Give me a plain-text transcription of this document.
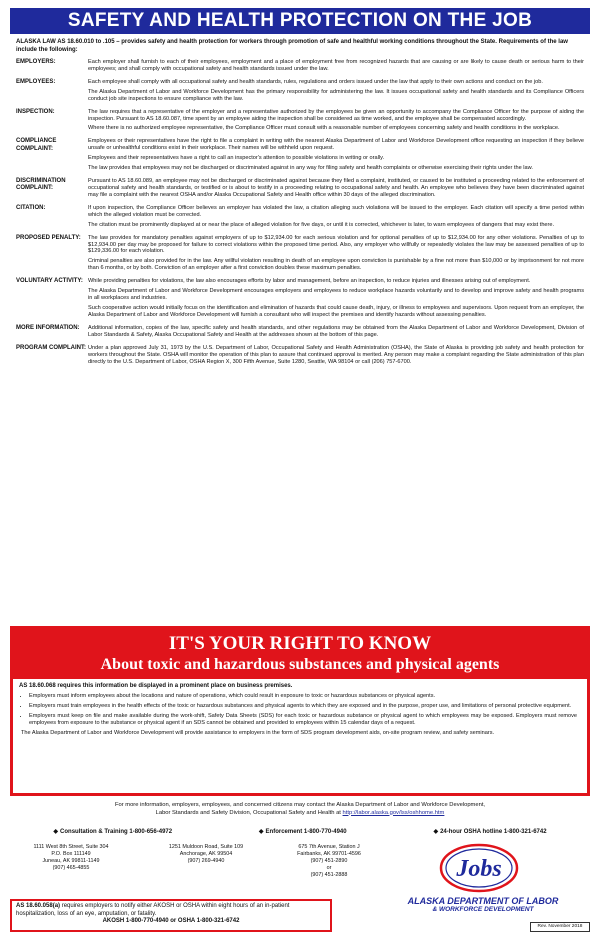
SAFETY AND HEALTH PROTECTION ON THE JOB

ALASKA LAW AS 18.60.010 to .105 – provides safety and health protection for workers through promotion of safe and healthful working conditions throughout the State. Requirements of the law include the following:

EMPLOYERS:	Each employer shall furnish to each of their employees, employment and a place of employment free from recognized hazards that are causing or are likely to cause death or serious harm to their employees; and shall comply with occupational safety and health standards issued under the law.

EMPLOYEES:	Each employee shall comply with all occupational safety and health standards, rules, regulations and orders issued under the law that apply to their own actions and conduct on the job.

The Alaska Department of Labor and Workforce Development has the primary responsibility for administering the law. It issues occupational safety and health standards and its Compliance Officers conduct job site inspections to ensure compliance with the law.

INSPECTION:	The law requires that a representative of the employer and a representative authorized by the employees be given an opportunity to accompany the Compliance Officer for the purpose of aiding the inspection. Pursuant to AS 18.60.087, time spent by an employee aiding the inspection shall be considered as time worked, and the employee shall be compensated accordingly.

Where there is no authorized employee representative, the Compliance Officer must consult with a reasonable number of employees concerning safety and health conditions in the workplace.

COMPLIANCE COMPLAINT:

Employees or their representatives have the right to file a complaint in writing with the nearest Alaska Department of Labor and Workforce Development office requesting an inspection if they believe unsafe or unhealthful conditions exist in their workplace. Their names will be withheld upon request.

Employees and their representatives have a right to call an inspector's attention to possible violations in writing or orally.

The law provides that employees may not be discharged or discriminated against in any way for filing safety and health complaints or otherwise exercising their rights under the law.

DISCRIMINATION COMPLAINT:

Pursuant to AS 18.60.089, an employee may not be discharged or discriminated against because they filed a complaint, instituted, or caused to be instituted a proceeding related to the enforcement of occupational safety and health standards, or testified or is about to testify in a proceeding relating to occupational safety and health. An employee who believes they have been discriminated against may file a complaint with the nearest OSHA and/or Alaska Occupational Safety and Health office within 30 days of the alleged discrimination.

CITATION:	If upon inspection, the Compliance Officer believes an employer has violated the law, a citation alleging such violations will be issued to the employer. Each citation will specify a time period within which the alleged violation must be corrected.

The citation must be prominently displayed at or near the place of alleged violation for five days, or until it is corrected, whichever is later, to warn employees of dangers that may exist there.

PROPOSED PENALTY:	The law provides for mandatory penalties against employers of up to $12,934.00 for each serious violation and for optional penalties of up to $12,934.00 for any other violations. Penalties of up to $12,934.00 per day may be proposed for failure to correct violations within the proposed time period. Also, any employer who willfully or repeatedly violates the law may be assessed penalties of up to $129,336.00 for each violation.

Criminal penalties are also provided for in the law. Any willful violation resulting in death of an employee upon conviction is punishable by a fine not more than $10,000 or by imprisonment for not more than 6 months, or by both. Conviction of an employer after a first conviction doubles these maximum penalties.

VOLUNTARY ACTIVITY: While providing penalties for violations, the law also encourages efforts by labor and management, before an inspection, to reduce injuries and illnesses arising out of employment.

The Alaska Department of Labor and Workforce Development encourages employers and employees to reduce workplace hazards voluntarily and to develop and improve safety and health programs in all workplaces and industries.

Such cooperative action would initially focus on the identification and elimination of hazards that could cause death, injury, or illness to employees and supervisors. Upon request from an employer, the Alaska Department of Labor and Workforce Development will furnish a consultant who will inspect the premises and identify hazards without assessing penalties.

MORE INFORMATION:	Additional information, copies of the law, specific safety and health standards, and other regulations may be obtained from the Alaska Department of Labor and Workforce Development, Division of Labor Standards & Safety, Alaska Occupational Safety and Health at the addresses shown at the bottom of this page.

PROGRAM COMPLAINT: Under a plan approved July 31, 1973 by the U.S. Department of Labor, Occupational Safety and Health Administration (OSHA), the State of Alaska is providing job safety and health protection for workers throughout the State. OSHA will monitor the operation of this plan to assure that continued approval is merited. Any person may make a complaint regarding the State administration of this plan directly to the U.S. Department of Labor, OSHA Region X, 300 Fifth Avenue, Suite 1280, Seattle, WA 98104 or call (206) 757-6700.

IT'S YOUR RIGHT TO KNOW
About toxic and hazardous substances and physical agents

AS 18.60.068 requires this information be displayed in a prominent place on business premises.

• Employers must inform employees about the locations and nature of operations, which could result in exposure to toxic or hazardous substances or physical agents.
• Employers must train employees in the health effects of the toxic or hazardous substances and physical agents to which they are exposed and in the purpose, proper use, and limitations of personal protective equipment.
• Employers must keep on file and make available during the work-shift, Safety Data Sheets (SDS) for each toxic or hazardous substance or physical agent to which employees may be exposed. Employers must remove employees from exposure to the substance or physical agent if an SDS cannot be obtained and provided to employees within 15 calendar days of a request.

The Alaska Department of Labor and Workforce Development will provide assistance to employers in the form of SDS program development aids, on-site program review, and safety seminars.

For more information, employers, employees, and concerned citizens may contact the Alaska Department of Labor and Workforce Development,
Labor Standards and Safety Division, Occupational Safety and Health at http://labor.alaska.gov/lss/oshhome.htm
◆ Consultation & Training 1-800-656-4972	◆ Enforcement 1-800-770-4940	◆ 24-hour OSHA hotline 1-800-321-6742
1111 West 8th Street, Suite 304
P.O. Box 111149
Juneau, AK 99811-1149
(907) 465-4855
1251 Muldoon Road, Suite 109
Anchorage, AK 99504
(907) 269-4940
675 7th Avenue, Station J
Fairbanks, AK 99701-4596
(907) 451-2890
or
(907) 451-2888

AS 18.60.058(a) requires employers to notify either AKOSH or OSHA within eight hours of an in-patient hospitalization, loss of an eye, amputation, or fatality.

AKOSH 1-800-770-4940 or OSHA 1-800-321-6742

Jobs
ALASKA DEPARTMENT OF LABOR
& WORKFORCE DEVELOPMENT
Rev. November 2018
